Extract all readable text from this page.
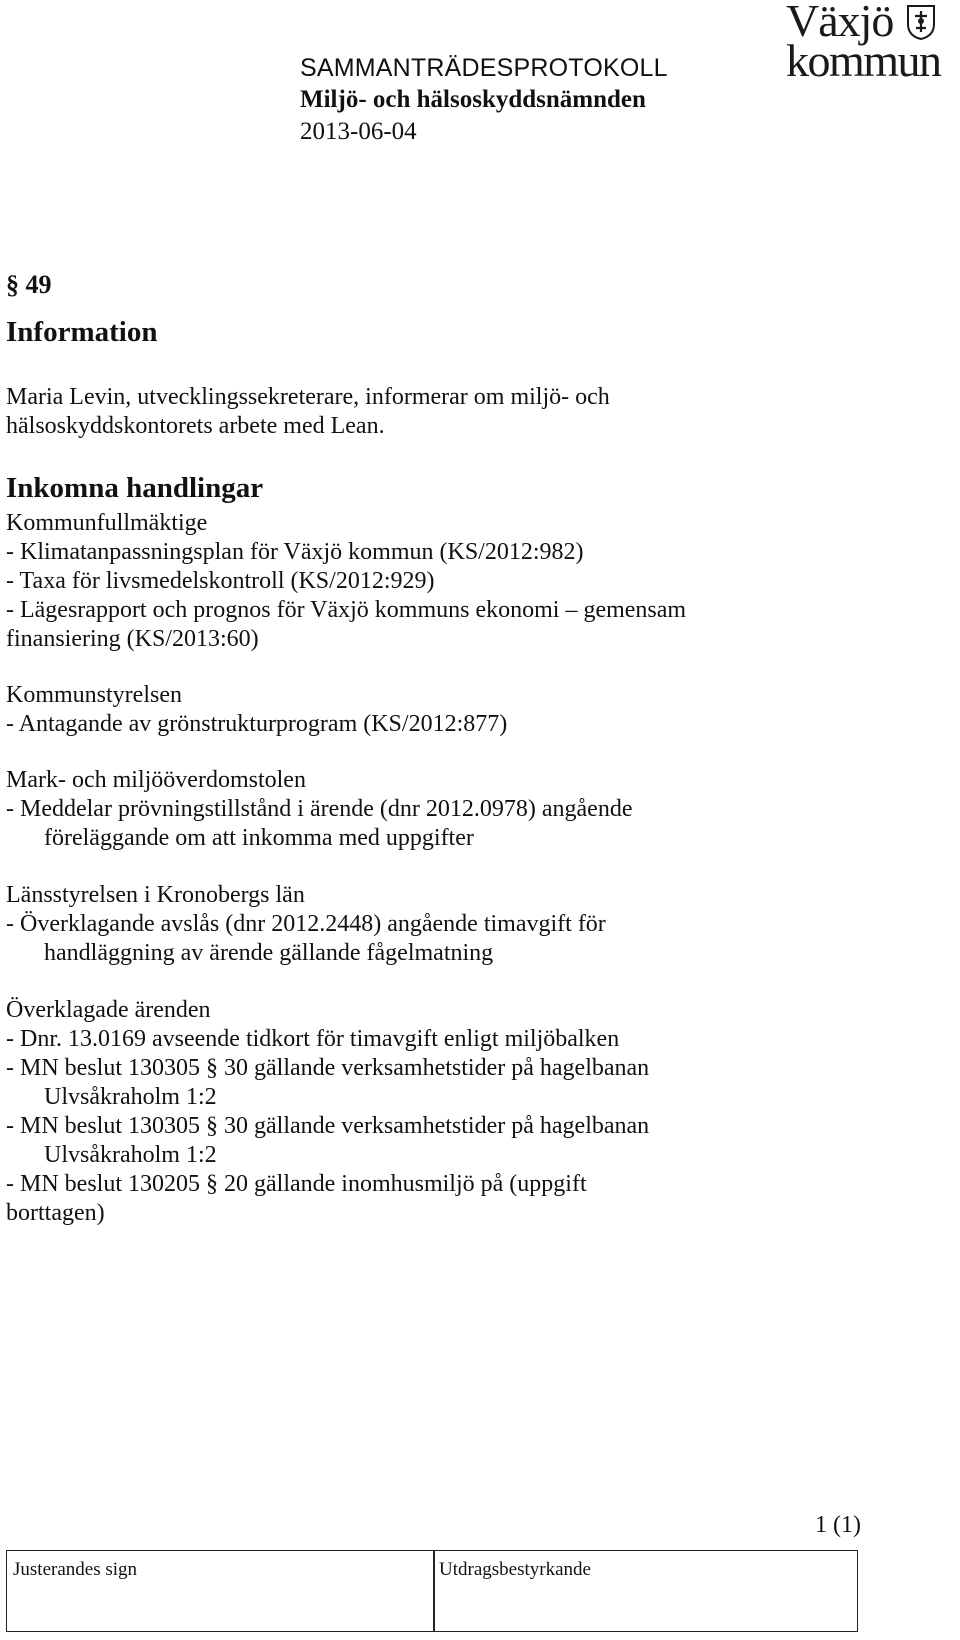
SAMMANTRÄDESPROTOKOLL
Miljö- och hälsoskyddsnämnden
2013-06-04
Växjö
kommun
§ 49
Information
Maria Levin, utvecklingssekreterare, informerar om miljö- och
hälsoskyddskontorets arbete med Lean.
Inkomna handlingar
Kommunfullmäktige
- Klimatanpassningsplan för Växjö kommun (KS/2012:982)
- Taxa för livsmedelskontroll (KS/2012:929)
- Lägesrapport och prognos för Växjö kommuns ekonomi – gemensam
finansiering (KS/2013:60)
Kommunstyrelsen
- Antagande av grönstrukturprogram (KS/2012:877)
Mark- och miljööverdomstolen
- Meddelar prövningstillstånd i ärende (dnr 2012.0978) angående
föreläggande om att inkomma med uppgifter
Länsstyrelsen i Kronobergs län
- Överklagande avslås (dnr 2012.2448) angående timavgift för
handläggning av ärende gällande fågelmatning
Överklagade ärenden
- Dnr. 13.0169 avseende tidkort för timavgift enligt miljöbalken
- MN beslut 130305 § 30 gällande verksamhetstider på hagelbanan
Ulvsåkraholm 1:2
- MN beslut 130305 § 30 gällande verksamhetstider på hagelbanan
Ulvsåkraholm 1:2
- MN beslut 130205 § 20 gällande inomhusmiljö på (uppgift
borttagen)
1 (1)
Justerandes sign	Utdragsbestyrkande
